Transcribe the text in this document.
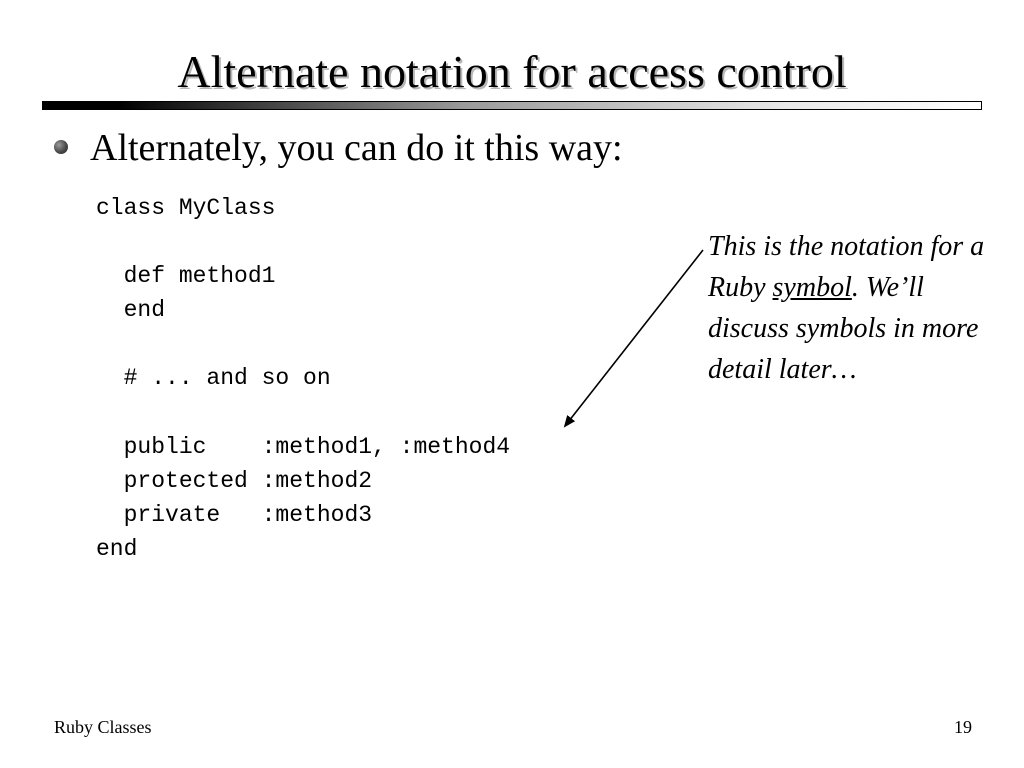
Alternate notation for access control
Alternately, you can do it this way:
class MyClass
def method1
end
# ... and so on
public    :method1, :method4
protected :method2
private   :method3
end
This is the notation for a Ruby symbol. We’ll discuss symbols in more detail later…
Ruby Classes	19
